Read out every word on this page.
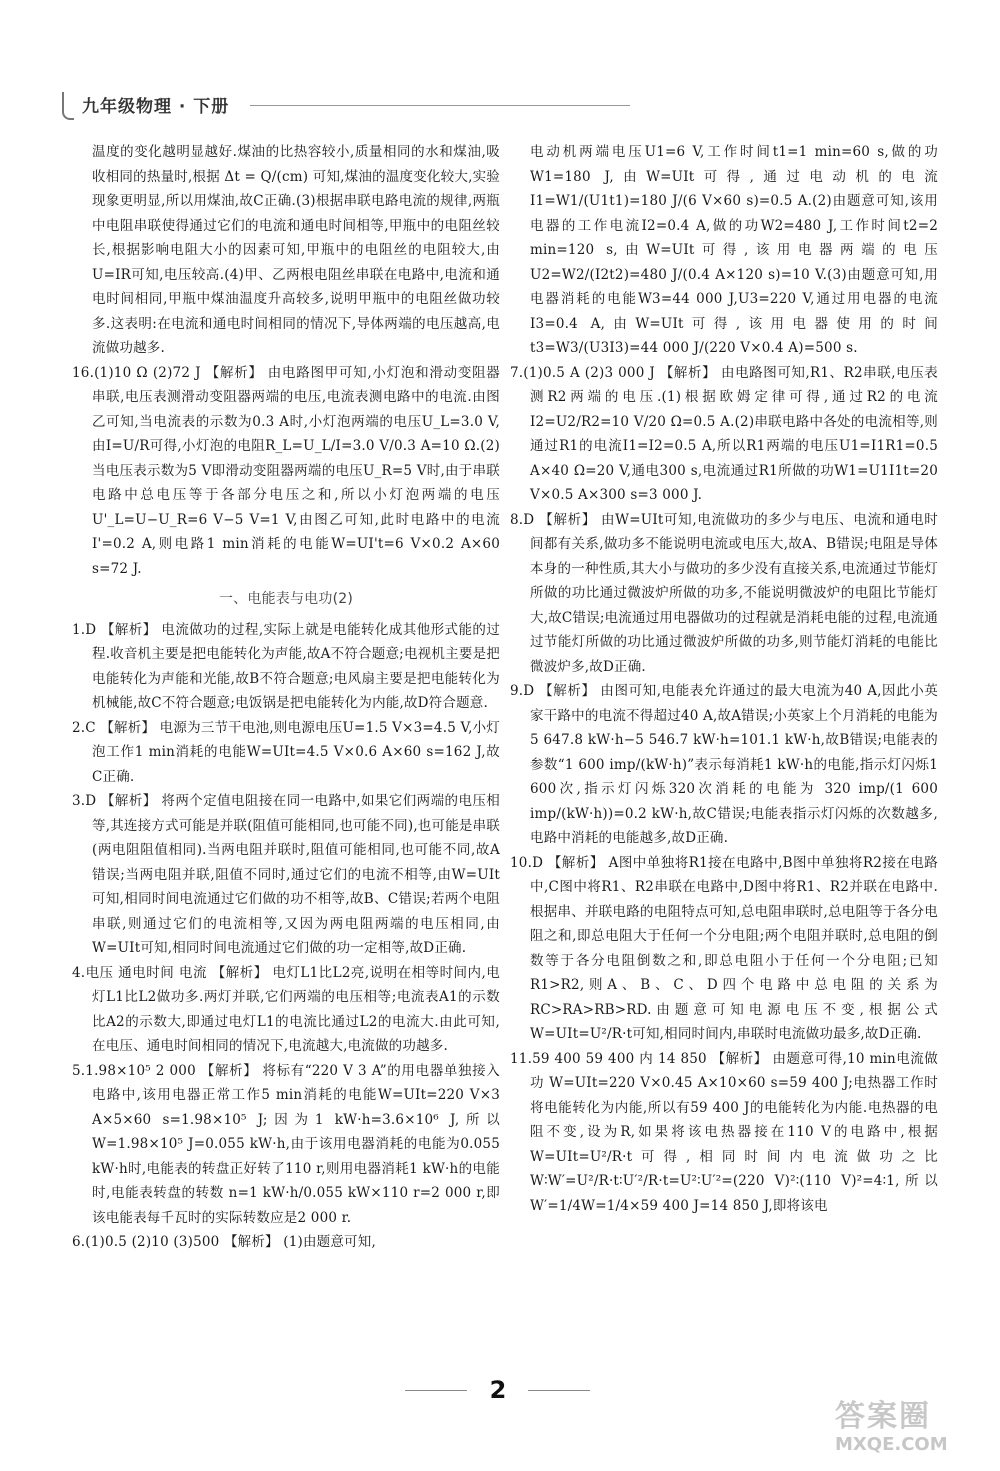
九年级物理 · 下册

温度的变化越明显越好.煤油的比热容较小,质量相同的水和煤油,吸收相同的热量时,根据 Δt = Q/(cm) 可知,煤油的温度变化较大,实验现象更明显,所以用煤油,故C正确.(3)根据串联电路电流的规律,两瓶中电阻串联使得通过它们的电流和通电时间相等,甲瓶中的电阻丝较长,根据影响电阻大小的因素可知,甲瓶中的电阻丝的电阻较大,由U=IR可知,电压较高.(4)甲、乙两根电阻丝串联在电路中,电流和通电时间相同,甲瓶中煤油温度升高较多,说明甲瓶中的电阻丝做功较多.这表明:在电流和通电时间相同的情况下,导体两端的电压越高,电流做功越多.

16.(1)10 Ω (2)72 J 【解析】 由电路图甲可知,小灯泡和滑动变阻器串联,电压表测滑动变阻器两端的电压,电流表测电路中的电流.由图乙可知,当电流表的示数为0.3 A时,小灯泡两端的电压U_L=3.0 V,由I=U/R可得,小灯泡的电阻R_L=U_L/I=3.0 V/0.3 A=10 Ω.(2)当电压表示数为5 V即滑动变阻器两端的电压U_R=5 V时,由于串联电路中总电压等于各部分电压之和,所以小灯泡两端的电压U'_L=U−U_R=6 V−5 V=1 V,由图乙可知,此时电路中的电流 I'=0.2 A,则电路1 min消耗的电能W=UI't=6 V×0.2 A×60 s=72 J.

一、电能表与电功(2)

1.D 【解析】 电流做功的过程,实际上就是电能转化成其他形式能的过程.收音机主要是把电能转化为声能,故A不符合题意;电视机主要是把电能转化为声能和光能,故B不符合题意;电风扇主要是把电能转化为机械能,故C不符合题意;电饭锅是把电能转化为内能,故D符合题意.

2.C 【解析】 电源为三节干电池,则电源电压U=1.5 V×3=4.5 V,小灯泡工作1 min消耗的电能W=UIt=4.5 V×0.6 A×60 s=162 J,故C正确.

3.D 【解析】 将两个定值电阻接在同一电路中,如果它们两端的电压相等,其连接方式可能是并联(阻值可能相同,也可能不同),也可能是串联(两电阻阻值相同).当两电阻并联时,阻值可能相同,也可能不同,故A错误;当两电阻并联,阻值不同时,通过它们的电流不相等,由W=UIt可知,相同时间电流通过它们做的功不相等,故B、C错误;若两个电阻串联,则通过它们的电流相等,又因为两电阻两端的电压相同,由W=UIt可知,相同时间电流通过它们做的功一定相等,故D正确.

4.电压 通电时间 电流 【解析】 电灯L1比L2亮,说明在相等时间内,电灯L1比L2做功多.两灯并联,它们两端的电压相等;电流表A1的示数比A2的示数大,即通过电灯L1的电流比通过L2的电流大.由此可知,在电压、通电时间相同的情况下,电流越大,电流做的功越多.

5.1.98×10⁵ 2 000 【解析】 将标有“220 V 3 A”的用电器单独接入电路中,该用电器正常工作5 min消耗的电能W=UIt=220 V×3 A×5×60 s=1.98×10⁵ J;因为1 kW·h=3.6×10⁶ J,所以W=1.98×10⁵ J=0.055 kW·h,由于该用电器消耗的电能为0.055 kW·h时,电能表的转盘正好转了110 r,则用电器消耗1 kW·h的电能时,电能表转盘的转数 n=1 kW·h/0.055 kW×110 r=2 000 r,即该电能表每千瓦时的实际转数应是2 000 r.

6.(1)0.5 (2)10 (3)500 【解析】 (1)由题意可知,

电动机两端电压U1=6 V,工作时间t1=1 min=60 s,做的功W1=180 J,由W=UIt可得,通过电动机的电流I1=W1/(U1t1)=180 J/(6 V×60 s)=0.5 A.(2)由题意可知,该用电器的工作电流I2=0.4 A,做的功W2=480 J,工作时间t2=2 min=120 s,由W=UIt可得,该用电器两端的电压U2=W2/(I2t2)=480 J/(0.4 A×120 s)=10 V.(3)由题意可知,用电器消耗的电能W3=44 000 J,U3=220 V,通过用电器的电流I3=0.4 A,由W=UIt可得,该用电器使用的时间t3=W3/(U3I3)=44 000 J/(220 V×0.4 A)=500 s.

7.(1)0.5 A (2)3 000 J 【解析】 由电路图可知,R1、R2串联,电压表测R2两端的电压.(1)根据欧姆定律可得,通过R2的电流I2=U2/R2=10 V/20 Ω=0.5 A.(2)串联电路中各处的电流相等,则通过R1的电流I1=I2=0.5 A,所以R1两端的电压U1=I1R1=0.5 A×40 Ω=20 V,通电300 s,电流通过R1所做的功W1=U1I1t=20 V×0.5 A×300 s=3 000 J.

8.D 【解析】 由W=UIt可知,电流做功的多少与电压、电流和通电时间都有关系,做功多不能说明电流或电压大,故A、B错误;电阻是导体本身的一种性质,其大小与做功的多少没有直接关系,电流通过节能灯所做的功比通过微波炉所做的功多,不能说明微波炉的电阻比节能灯大,故C错误;电流通过用电器做功的过程就是消耗电能的过程,电流通过节能灯所做的功比通过微波炉所做的功多,则节能灯消耗的电能比微波炉多,故D正确.

9.D 【解析】 由图可知,电能表允许通过的最大电流为40 A,因此小英家干路中的电流不得超过40 A,故A错误;小英家上个月消耗的电能为5 647.8 kW·h−5 546.7 kW·h=101.1 kW·h,故B错误;电能表的参数“1 600 imp/(kW·h)”表示每消耗1 kW·h的电能,指示灯闪烁1 600次,指示灯闪烁320次消耗的电能为 320 imp/(1 600 imp/(kW·h))=0.2 kW·h,故C错误;电能表指示灯闪烁的次数越多,电路中消耗的电能越多,故D正确.

10.D 【解析】 A图中单独将R1接在电路中,B图中单独将R2接在电路中,C图中将R1、R2串联在电路中,D图中将R1、R2并联在电路中.根据串、并联电路的电阻特点可知,总电阻串联时,总电阻等于各分电阻之和,即总电阻大于任何一个分电阻;两个电阻并联时,总电阻的倒数等于各分电阻倒数之和,即总电阻小于任何一个分电阻;已知R1>R2,则A、B、C、D四个电路中总电阻的关系为RC>RA>RB>RD.由题意可知电源电压不变,根据公式W=UIt=U²/R·t可知,相同时间内,串联时电流做功最多,故D正确.

11.59 400 59 400 内 14 850 【解析】 由题意可得,10 min电流做功 W=UIt=220 V×0.45 A×10×60 s=59 400 J;电热器工作时将电能转化为内能,所以有59 400 J的电能转化为内能.电热器的电阻不变,设为R,如果将该电热器接在110 V的电路中,根据W=UIt=U²/R·t可得,相同时间内电流做功之比 W∶W′=U²/R·t∶U′²/R·t=U²∶U′²=(220 V)²∶(110 V)²=4∶1,所以W′=1/4W=1/4×59 400 J=14 850 J,即将该电

2
答案圈
MXQE.COM
